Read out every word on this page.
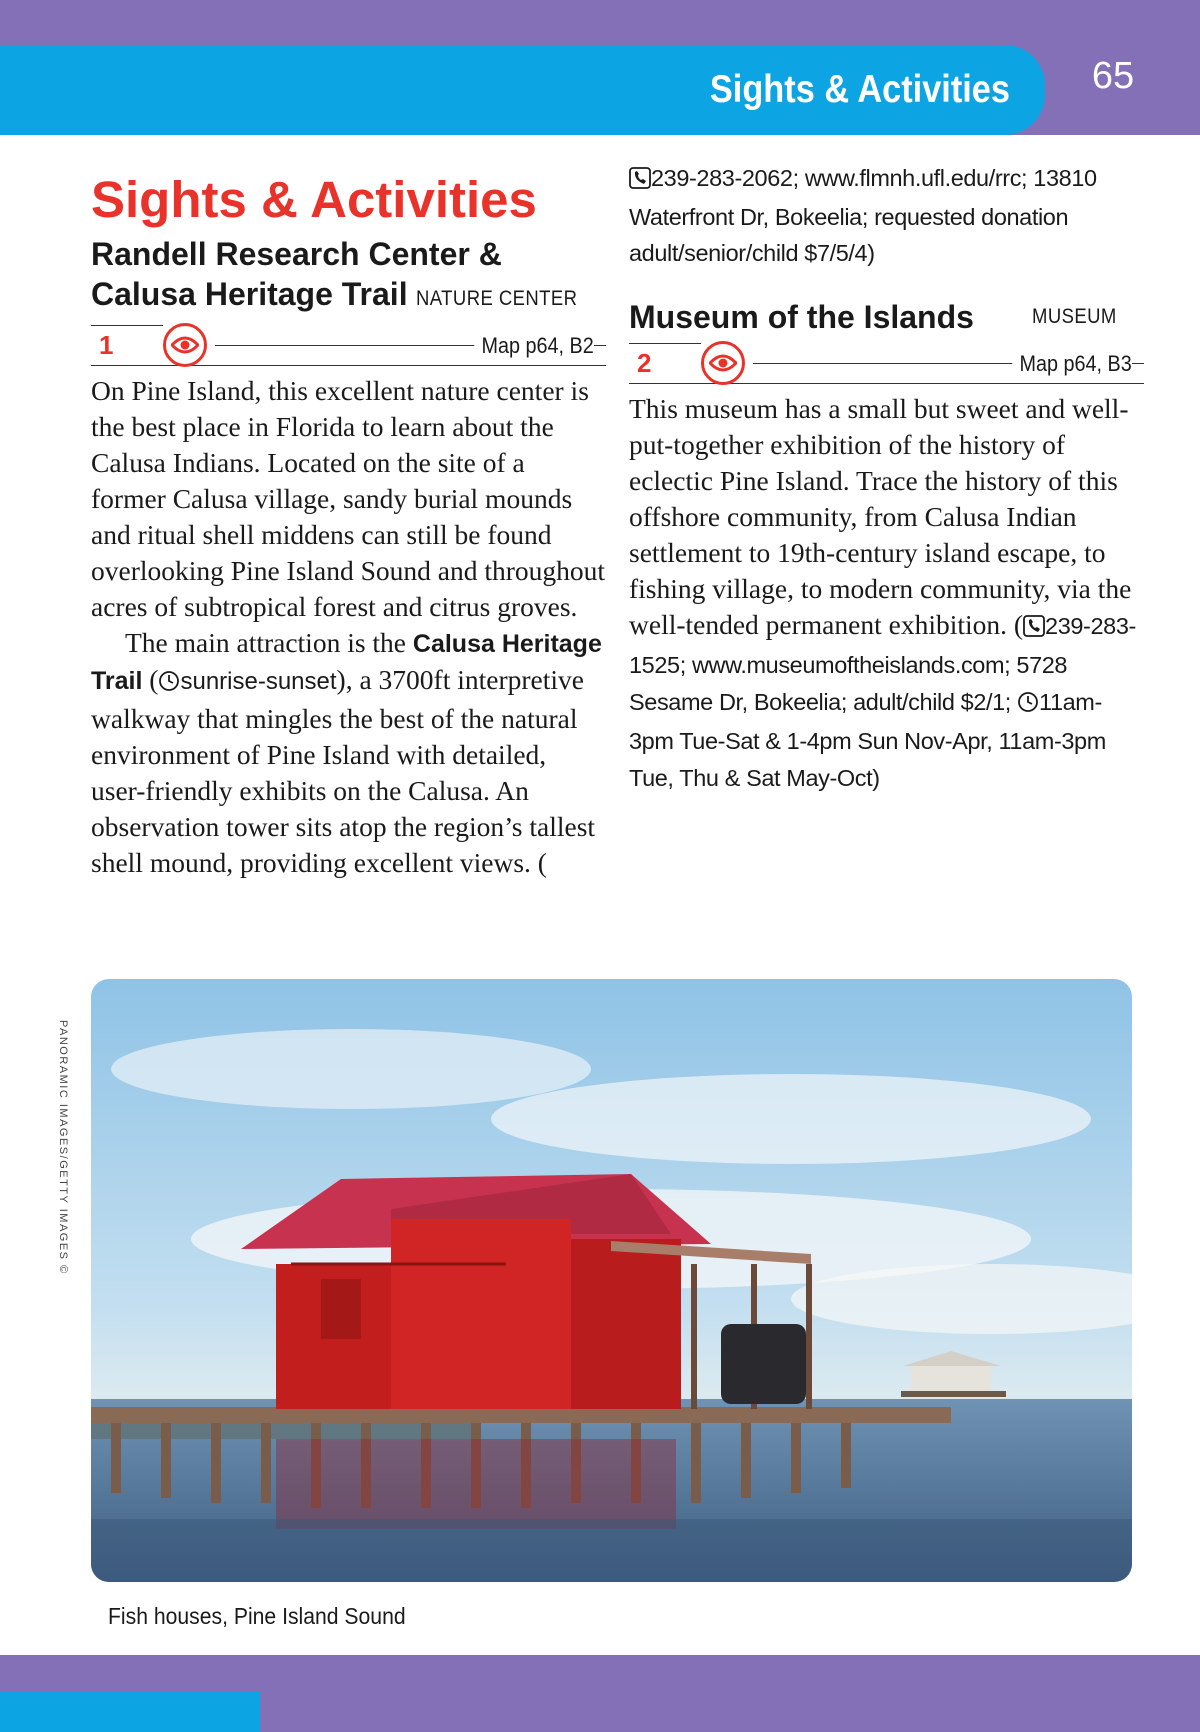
Sights & Activities 65
Sights & Activities
Randell Research Center &
Calusa Heritage Trail NATURE CENTER
1	Map p64, B2

On Pine Island, this excellent nature center is the best place in Florida to learn about the Calusa Indians. Located on the site of a former Calusa village, sandy burial mounds and ritual shell middens can still be found overlooking Pine Island Sound and throughout acres of subtropical forest and citrus groves.
The main attraction is the Calusa Heritage Trail ( sunrise-sunset), a 3700ft interpretive walkway that mingles the best of the natural environment of Pine Island with detailed, user-friendly exhibits on the Calusa. An observation tower sits atop the region’s tallest shell mound, providing excellent views. (

239-283-2062; www.flmnh.ufl.edu/rrc; 13810 Waterfront Dr, Bokeelia; requested donation adult/senior/child $7/5/4)

Museum of the Islands	MUSEUM
2	Map p64, B3

This museum has a small but sweet and well-put-together exhibition of the history of eclectic Pine Island. Trace the history of this offshore community, from Calusa Indian settlement to 19th-century island escape, to fishing village, to modern community, via the well-tended permanent exhibition. ( 239-283-1525; www.museumoftheislands.com; 5728 Sesame Dr, Bokeelia; adult/child $2/1; 11am-3pm Tue-Sat & 1-4pm Sun Nov-Apr, 11am-3pm Tue, Thu & Sat May-Oct)

PANORAMIC IMAGES/GETTY IMAGES ©
Fish houses, Pine Island Sound
